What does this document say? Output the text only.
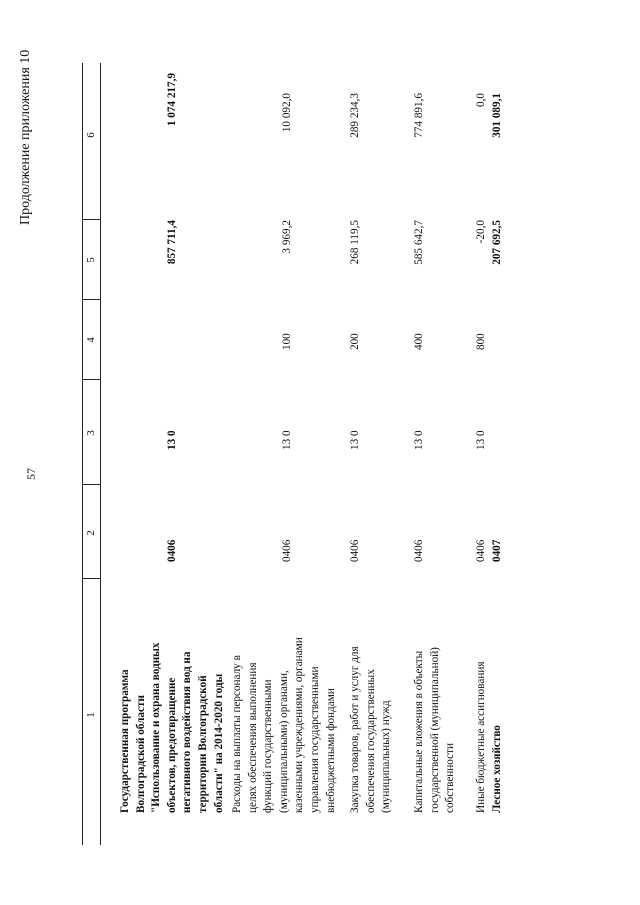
57
Продолжение приложения 10
1
2
3
4
5
6
Государственная программа Волгоградской области "Использование и охрана водных объектов, предотвращение негативного воздействия вод на территории Волгоградской области" на 2014-2020 годы
0406
13 0
857 711,4
1 074 217,9
Расходы на выплаты персоналу в целях обеспечения выполнения функций государственными (муниципальными) органами, казенными учреждениями, органами управления государственными внебюджетными фондами
0406
13 0
100
3 969,2
10 092,0
Закупка товаров, работ и услуг для обеспечения государственных (муниципальных) нужд
0406
13 0
200
268 119,5
289 234,3
Капитальные вложения в объекты государственной (муниципальной) собственности
0406
13 0
400
585 642,7
774 891,6
Иные бюджетные ассигнования
0406
13 0
800
-20,0
0,0
Лесное хозяйство
0407
207 692,5
301 089,1
